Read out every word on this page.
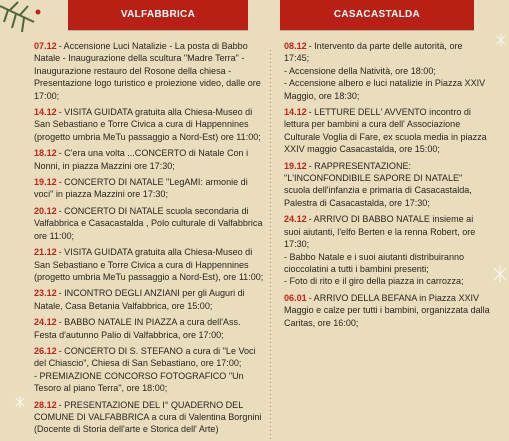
VALFABBRICA
07.12 - Accensione Luci Natalizie - La posta di Babbo Natale - Inaugurazione della scultura "Madre Terra" - Inaugurazione restauro del Rosone della chiesa - Presentazione logo turistico e proiezione video, dalle ore 17:00;
14.12 - VISITA GUIDATA gratuita alla Chiesa-Museo di San Sebastiano e Torre Civica a cura di Happennines (progetto umbria MeTu passaggio a Nord-Est) ore 11:00;
18.12 - C'era una volta ...CONCERTO di Natale Con i Nonni, in piazza Mazzini ore 17:30;
19.12 - CONCERTO DI NATALE "LegAMI: armonie di voci" in piazza Mazzini ore 17:30;
20.12 - CONCERTO DI NATALE scuola secondaria di Valfabbrica e Casacastalda , Polo culturale di Valfabbrica ore 11:00;
21.12 - VISITA GUIDATA gratuita alla Chiesa-Museo di San Sebastiano e Torre Civica a cura di Happennines (progetto umbria MeTu passaggio a Nord-Est), ore 11:00;
23.12 - INCONTRO DEGLI ANZIANI per gli Auguri di Natale, Casa Betania Valfabbrica, ore 15:00;
24.12 - BABBO NATALE IN PIAZZA a cura dell'Ass. Festa d'autunno Palio di Valfabbrica, ore 17:00;
26.12 - CONCERTO DI S. STEFANO a cura di "Le Voci del Chiascio", Chiesa di San Sebastiano, ore 17:00;
- PREMIAZIONE CONCORSO FOTOGRAFICO "Un Tesoro al piano Terra", ore 18:00;
28.12 - PRESENTAZIONE DEL I° QUADERNO DEL COMUNE DI VALFABBRICA a cura di Valentina Borgnini (Docente di Storia dell'arte e Storica dell' Arte)
CASACASTALDA
08.12 - Intervento da parte delle autorità, ore 17:45;
- Accensione della Natività, ore 18:00;
- Accensione albero e luci natalizie in Piazza XXIV Maggio, ore 18:30;
14.12 - LETTURE DELL' AVVENTO incontro di lettura per bambini a cura dell' Associazione Culturale Voglia di Fare, ex scuola media in piazza XXIV maggio Casacastalda, ore 15:00;
19.12 - RAPPRESENTAZIONE:
"L'INCONFONDIBILE SAPORE DI NATALE" scuola dell'infanzia e primaria di Casacastalda, Palestra di Casacastalda, ore 17:30;
24.12 - ARRIVO DI BABBO NATALE insieme ai suoi aiutanti, l'elfo Berten e la renna Robert, ore 17:30;
- Babbo Natale e i suoi aiutanti distribuiranno cioccolatini a tutti i bambini presenti;
- Foto di rito e il giro della piazza in carrozza;
06.01 - ARRIVO DELLA BEFANA in Piazza XXIV Maggio e calze per tutti i bambini, organizzata dalla Caritas, ore 16:00;
